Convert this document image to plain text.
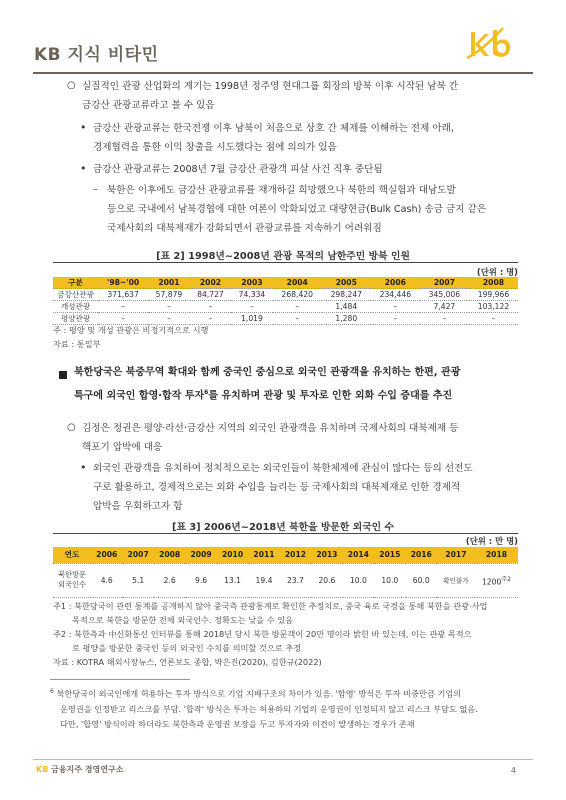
KB 지식 비타민
○ 실질적인 관광 산업화의 계기는 1998년 정주영 현대그룹 회장의 방북 이후 시작된 남북 간
금강산 관광교류라고 볼 수 있음
• 금강산 관광교류는 한국전쟁 이후 남북이 처음으로 상호 간 체제를 이해하는 전제 아래,
경제협력을 통한 이익 창출을 시도했다는 점에 의의가 있음
• 금강산 관광교류는 2008년 7월 금강산 관광객 피살 사건 직후 중단됨
– 북한은 이후에도 금강산 관광교류를 재개하길 희망했으나 북한의 핵실험과 대남도발
등으로 국내에서 남북경협에 대한 여론이 악화되었고 대량현금(Bulk Cash) 송금 금지 같은
국제사회의 대북제재가 강화되면서 관광교류를 지속하기 어려워짐
[표 2] 1998년~2008년 관광 목적의 남한주민 방북 인원
(단위 : 명)
구분	'98~'00	2001	2002	2003	2004	2005	2006	2007	2008
금강산관광	371,637	57,879	84,727	74,334	268,420	298,247	234,446	345,006	199,966
개성관광	–	–	–	–	–	1,484	–	7,427	103,122
평양관광	–	–	–	1,019	–	1,280	–	–	–
주 : 평양 및 개성 관광은 비정기적으로 시행
자료 : 통일부
북한당국은 북중무역 확대와 함께 중국인 중심으로 외국인 관광객을 유치하는 한편, 관광
특구에 외국인 합영·합작 투자$^6$를 유치하며 관광 및 투자로 인한 외화 수입 증대를 추진
○ 김정은 정권은 평양·라선·금강산 지역의 외국인 관광객을 유치하며 국제사회의 대북제재 등
핵포기 압박에 대응
• 외국인 관광객을 유치하여 정치적으로는 외국인들이 북한체제에 관심이 많다는 등의 선전도
구로 활용하고, 경제적으로는 외화 수입을 늘리는 등 국제사회의 대북제재로 인한 경제적
압박을 우회하고자 함
[표 3] 2006년~2018년 북한을 방문한 외국인 수
(단위 : 만 명)
연도	2006	2007	2008	2009	2010	2011	2012	2013	2014	2015	2016	2017	2018

북한방문
외국인수	4.6	5.1	2.6	9.6	13.1	19.4	23.7	20.6	10.0	10.0	60.0	확인불가	$1200^{주2}$
주1 : 북한당국이 관련 통계를 공개하지 않아 중국측 관광통계로 확인한 추정치로, 중국 육로 국경을 통해 북한을 관광·사업
목적으로 북한을 방문한 전체 외국인수. 정확도는 낮을 수 있음
주2 : 북한측과 中신화통신 인터뷰를 통해 2018년 당시 북한 방문객이 20만 명이라 밝힌 바 있는데, 이는 관광 목적으
로 평양을 방문한 중국인 등의 외국인 수치를 의미할 것으로 추정
자료 : KOTRA 해외시장뉴스, 언론보도 종합, 박은진(2020), 김한규(2022)
$^6$ 북한당국이 외국인에게 허용하는 투자 방식으로 기업 지배구조의 차이가 있음. '합영' 방식은 투자 비중만큼 기업의
운영권을 인정받고 리스크를 부담. '합작' 방식은 투자는 허용하되 기업의 운영권이 인정되지 않고 리스크 부담도 없음.
다만, '합영' 방식이라 하더라도 북한측과 운영권 보장을 두고 투자자와 이견이 발생하는 경우가 존재
KB 금융지주 경영연구소	4
